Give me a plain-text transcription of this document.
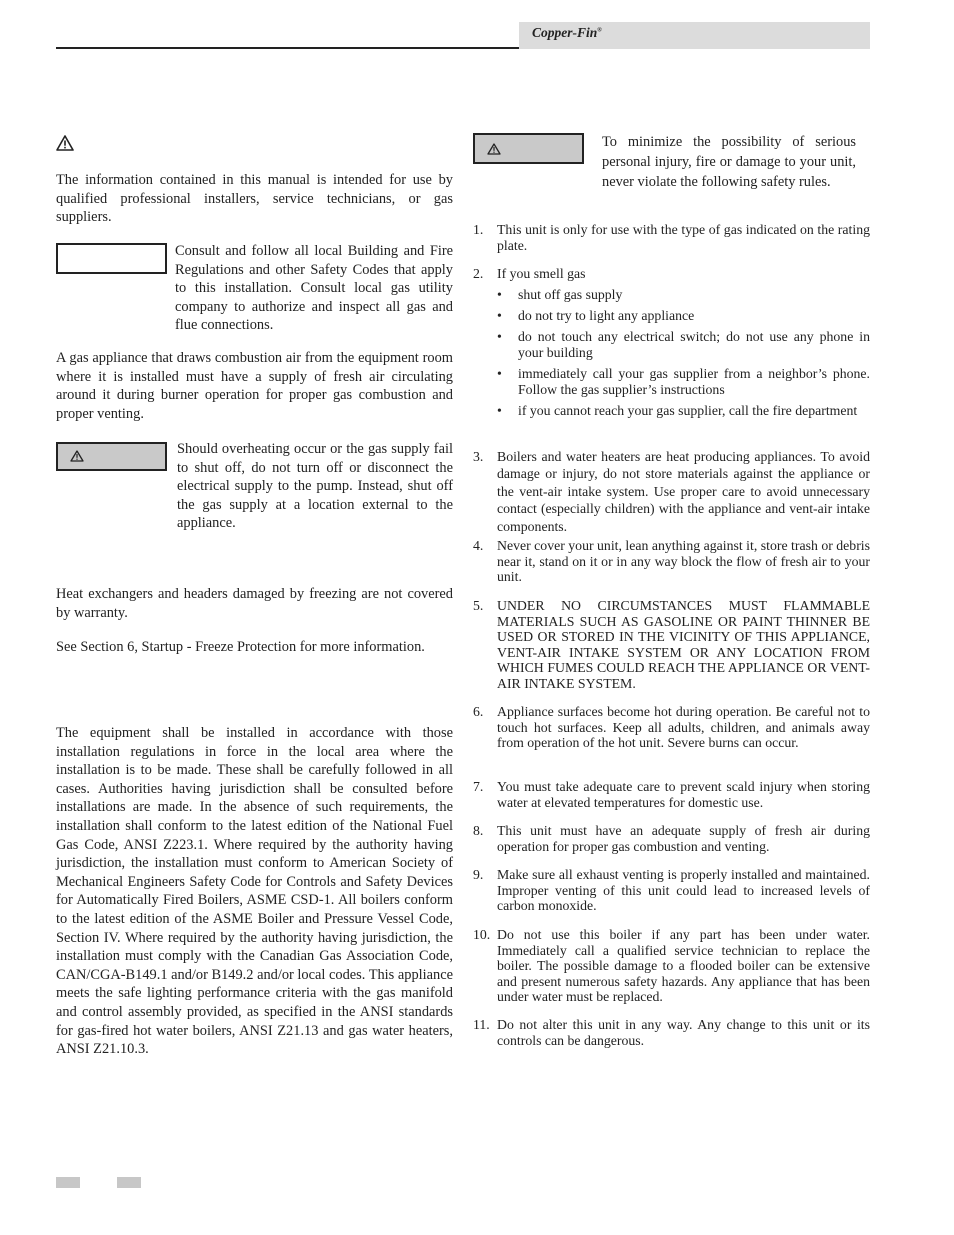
Copper-Fin®

The information contained in this manual is intended for use by qualified professional installers, service technicians, or gas suppliers.

Consult and follow all local Building and Fire Regulations and other Safety Codes that apply to this installation. Consult local gas utility company to authorize and inspect all gas and flue connections.

A gas appliance that draws combustion air from the equipment room where it is installed must have a supply of fresh air circulating around it during burner operation for proper gas combustion and proper venting.

Should overheating occur or the gas supply fail to shut off, do not turn off or disconnect the electrical supply to the pump. Instead, shut off the gas supply at a location external to the appliance.

Heat exchangers and headers damaged by freezing are not covered by warranty.

See Section 6, Startup - Freeze Protection for more information.

The equipment shall be installed in accordance with those installation regulations in force in the local area where the installation is to be made. These shall be carefully followed in all cases. Authorities having jurisdiction shall be consulted before installations are made. In the absence of such requirements, the installation shall conform to the latest edition of the National Fuel Gas Code, ANSI Z223.1. Where required by the authority having jurisdiction, the installation must conform to American Society of Mechanical Engineers Safety Code for Controls and Safety Devices for Automatically Fired Boilers, ASME CSD-1. All boilers conform to the latest edition of the ASME Boiler and Pressure Vessel Code, Section IV. Where required by the authority having jurisdiction, the installation must comply with the Canadian Gas Association Code, CAN/CGA-B149.1 and/or B149.2 and/or local codes. This appliance meets the safe lighting performance criteria with the gas manifold and control assembly provided, as specified in the ANSI standards for gas-fired hot water boilers, ANSI Z21.13 and gas water heaters, ANSI Z21.10.3.

To minimize the possibility of serious personal injury, fire or damage to your unit, never violate the following safety rules.

1. This unit is only for use with the type of gas indicated on the rating plate.
2. If you smell gas
• shut off gas supply
• do not try to light any appliance
• do not touch any electrical switch; do not use any phone in your building
• immediately call your gas supplier from a neighbor’s phone. Follow the gas supplier’s instructions
• if you cannot reach your gas supplier, call the fire department
3. Boilers and water heaters are heat producing appliances. To avoid damage or injury, do not store materials against the appliance or the vent-air intake system. Use proper care to avoid unnecessary contact (especially children) with the appliance and vent-air intake components.
4. Never cover your unit, lean anything against it, store trash or debris near it, stand on it or in any way block the flow of fresh air to your unit.
5. UNDER NO CIRCUMSTANCES MUST FLAMMABLE MATERIALS SUCH AS GASOLINE OR PAINT THINNER BE USED OR STORED IN THE VICINITY OF THIS APPLIANCE, VENT-AIR INTAKE SYSTEM OR ANY LOCATION FROM WHICH FUMES COULD REACH THE APPLIANCE OR VENT-AIR INTAKE SYSTEM.
6. Appliance surfaces become hot during operation. Be careful not to touch hot surfaces. Keep all adults, children, and animals away from operation of the hot unit. Severe burns can occur.
7. You must take adequate care to prevent scald injury when storing water at elevated temperatures for domestic use.
8. This unit must have an adequate supply of fresh air during operation for proper gas combustion and venting.
9. Make sure all exhaust venting is properly installed and maintained. Improper venting of this unit could lead to increased levels of carbon monoxide.
10. Do not use this boiler if any part has been under water. Immediately call a qualified service technician to replace the boiler. The possible damage to a flooded boiler can be extensive and present numerous safety hazards. Any appliance that has been under water must be replaced.
11. Do not alter this unit in any way. Any change to this unit or its controls can be dangerous.
